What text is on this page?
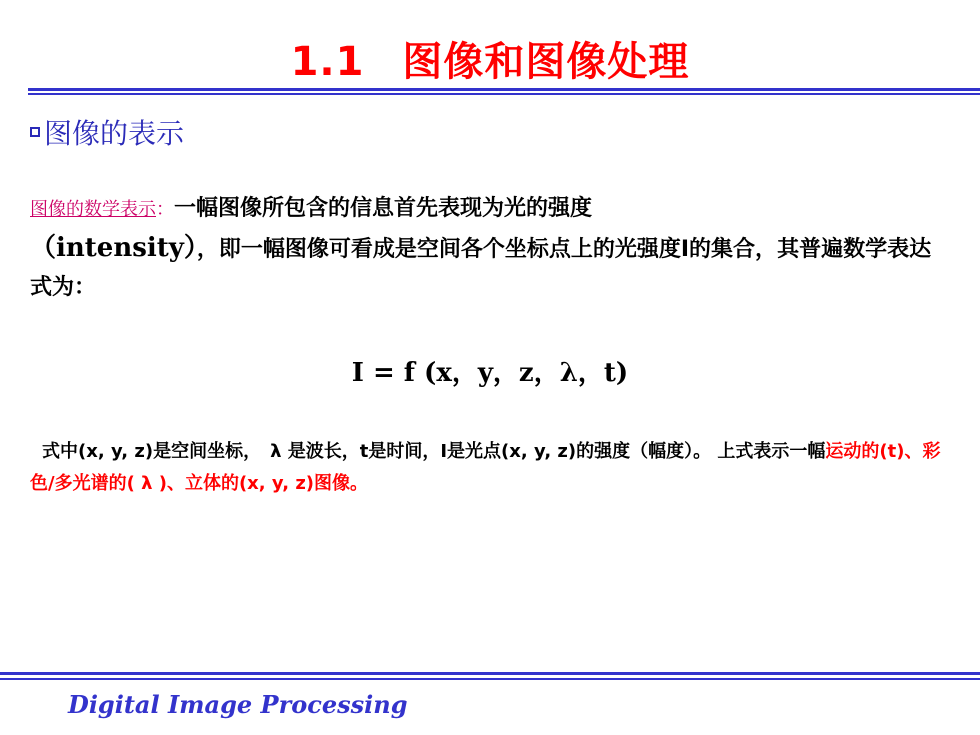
1.1 图像和图像处理
图像的表示
图像的数学表示：一幅图像所包含的信息首先表现为光的强度
（intensity），即一幅图像可看成是空间各个坐标点上的光强度I的集合，其普遍数学表达式为：
I = f (x，y，z，λ，t)
式中(x, y, z)是空间坐标，　λ 是波长，t是时间，I是光点(x, y, z)的强度（幅度）。 上式表示一幅运动的(t)、彩色/多光谱的( λ )、立体的(x, y, z)图像。
Digital Image Processing
